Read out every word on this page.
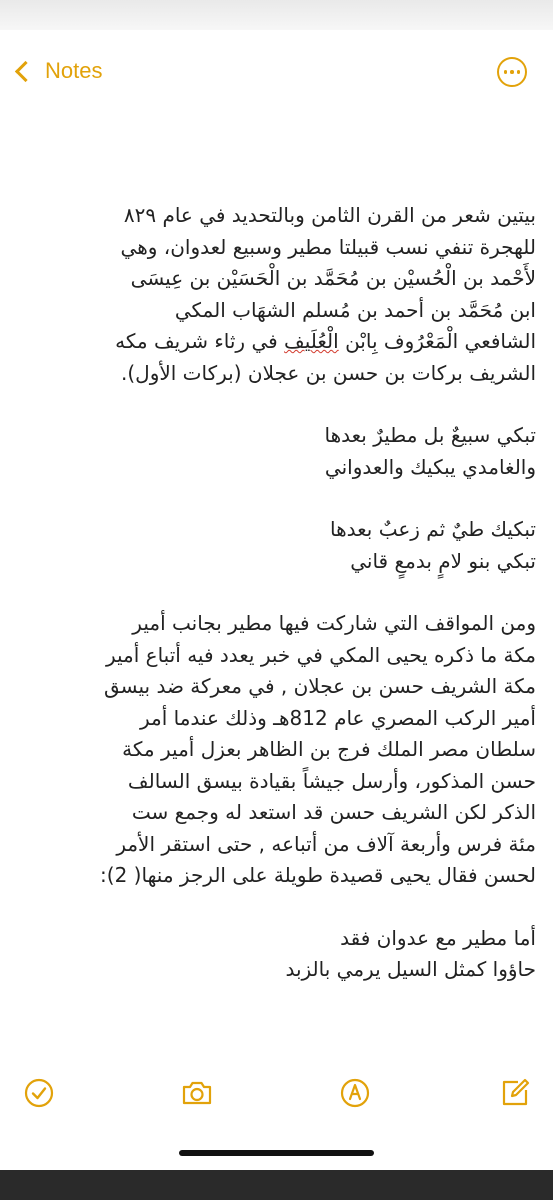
Notes

بيتين شعر من القرن الثامن وبالتحديد في عام ٨٢٩

للهجرة تنفي نسب قبيلتا مطير وسبيع لعدوان، وهي

لأَحْمد بن الْحُسيْن بن مُحَمَّد بن الْحَسَيْن بن عِيسَى

ابن مُحَمَّد بن أحمد بن مُسلم الشهَاب المكي

الشافعي الْمَعْرُوف بِابْن الْعُلَيف في رثاء شريف مكه

الشريف بركات بن حسن بن عجلان (بركات الأول).

تبكي سبيعٌ بل مطيرٌ بعدها

والغامدي يبكيك والعدواني

تبكيك طيٌ ثم زعبٌ بعدها

تبكي بنو لامٍ بدمعٍ قاني

ومن المواقف التي شاركت فيها مطير بجانب أمير

مكة ما ذكره يحيى المكي في خبر يعدد فيه أتباع أمير

مكة الشريف حسن بن عجلان , في معركة ضد بيسق

أمير الركب المصري عام 812هـ وذلك عندما أمر

سلطان مصر الملك فرج بن الظاهر بعزل أمير مكة

حسن المذكور، وأرسل جيشاً بقيادة بيسق السالف

الذكر لكن الشريف حسن قد استعد له وجمع ست

مئة فرس وأربعة آلاف من أتباعه , حتى استقر الأمر

لحسن فقال يحيى قصيدة طويلة على الرجز منها( 2):

أما مطير مع عدوان فقد

حاؤوا كمثل السيل يرمي بالزبد
